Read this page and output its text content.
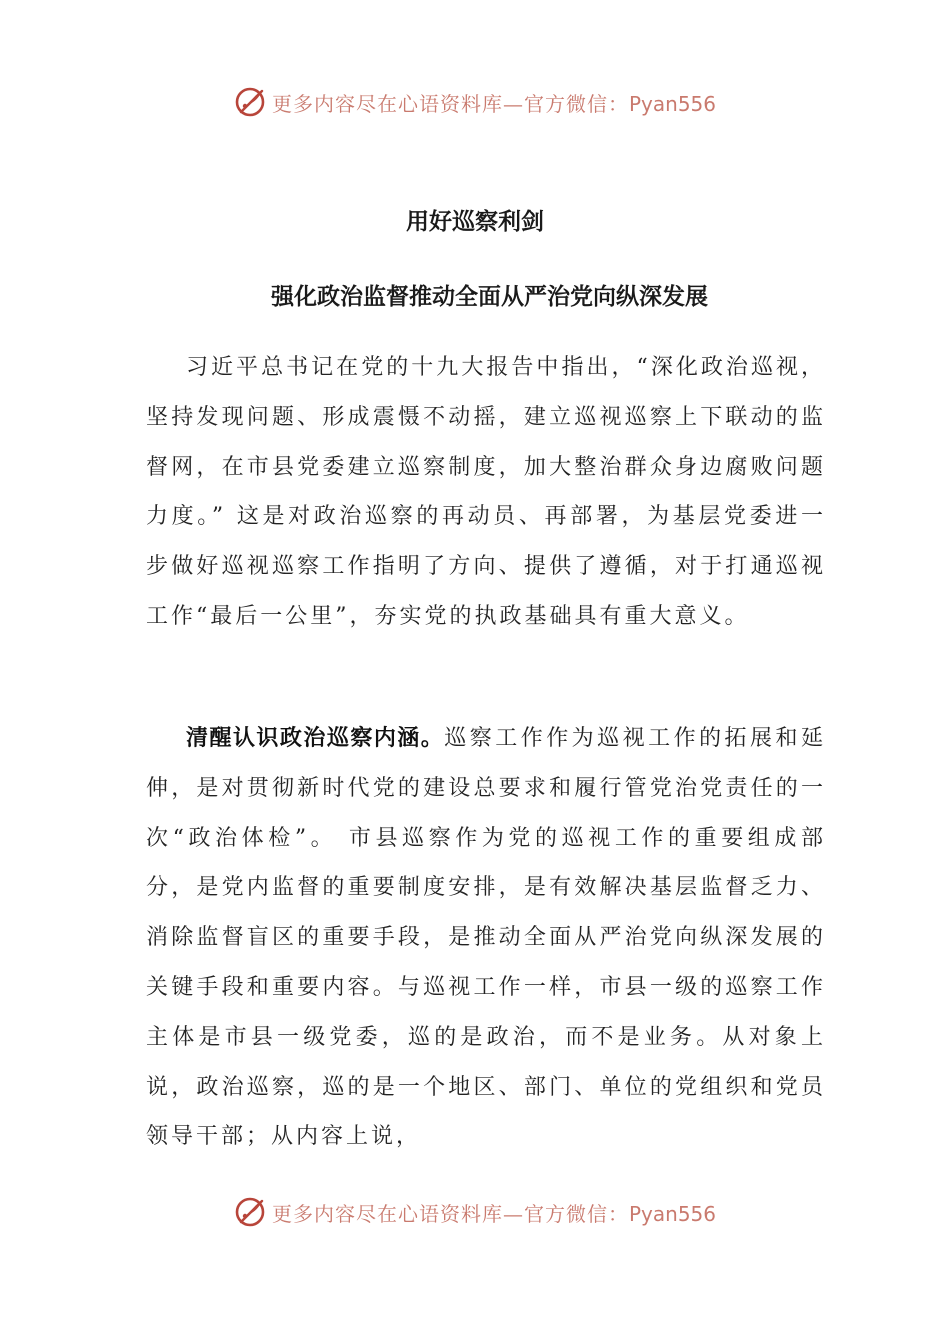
更多内容尽在心语资料库—官方微信：Pyan556
用好巡察利剑
强化政治监督推动全面从严治党向纵深发展

习近平总书记在党的十九大报告中指出，“深化政治巡视，坚持发现问题、形成震慑不动摇，建立巡视巡察上下联动的监督网，在市县党委建立巡察制度，加大整治群众身边腐败问题力度。” 这是对政治巡察的再动员、再部署，为基层党委进一步做好巡视巡察工作指明了方向、提供了遵循，对于打通巡视工作“最后一公里”，夯实党的执政基础具有重大意义。

清醒认识政治巡察内涵。巡察工作作为巡视工作的拓展和延伸，是对贯彻新时代党的建设总要求和履行管党治党责任的一次“政治体检”。 市县巡察作为党的巡视工作的重要组成部分，是党内监督的重要制度安排，是有效解决基层监督乏力、消除监督盲区的重要手段，是推动全面从严治党向纵深发展的关键手段和重要内容。与巡视工作一样，市县一级的巡察工作主体是市县一级党委，巡的是政治，而不是业务。从对象上说，政治巡察，巡的是一个地区、部门、单位的党组织和党员领导干部；从内容上说，

更多内容尽在心语资料库—官方微信：Pyan556
